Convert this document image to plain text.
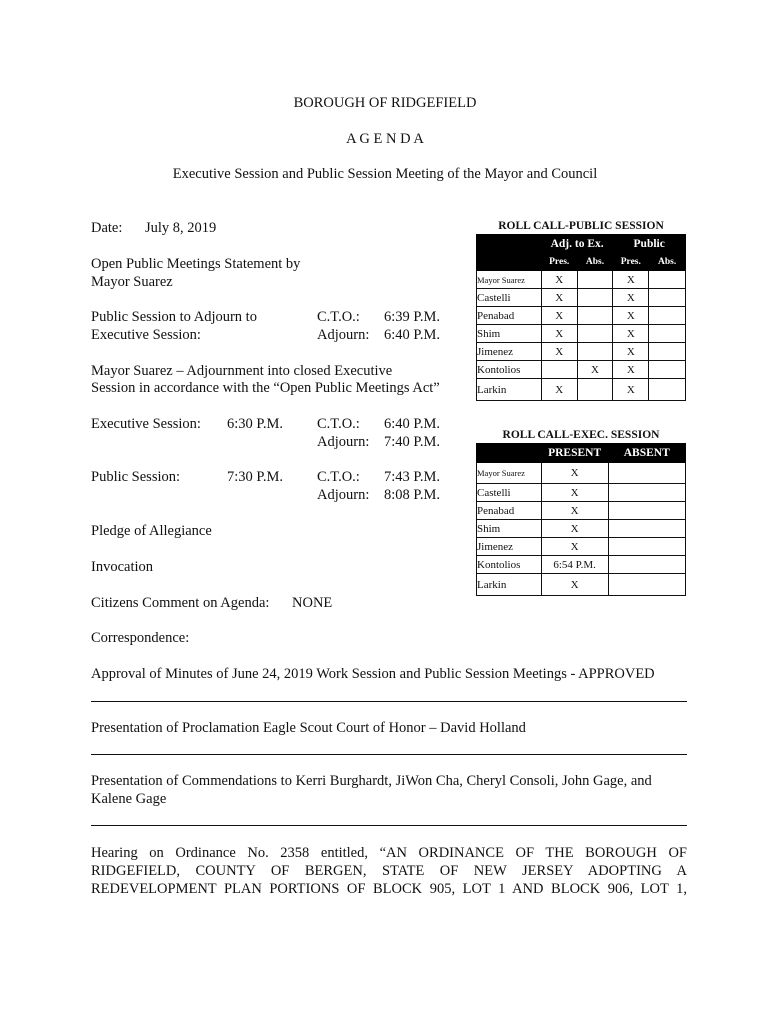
BOROUGH OF RIDGEFIELD
A G E N D A
Executive Session and Public Session Meeting of the Mayor and Council
Date: July 8, 2019
Open Public Meetings Statement by
Mayor Suarez
Public Session to Adjourn to
Executive Session:
C.T.O.: 6:39 P.M.
Adjourn: 6:40 P.M.
Mayor Suarez – Adjournment into closed Executive
Session in accordance with the “Open Public Meetings Act”
Executive Session: 6:30 P.M. C.T.O.: 6:40 P.M.
Adjourn: 7:40 P.M.
Public Session:	7:30 P.M. C.T.O.: 7:43 P.M.
Adjourn: 8:08 P.M.
Pledge of Allegiance
Invocation
Citizens Comment on Agenda: NONE
Correspondence:
ROLL CALL-PUBLIC SESSION
	Adj. to Ex.		Public	
	Pres.	Abs.	Pres.	Abs.
Mayor Suarez	X		X	
Castelli	X		X	
Penabad	X		X	
Shim	X		X	
Jimenez	X		X	
Kontolios		X	X	
Larkin	X		X	
ROLL CALL-EXEC. SESSION
	PRESENT	ABSENT
Mayor Suarez	X	
Castelli	X	
Penabad	X	
Shim	X	
Jimenez	X	
Kontolios	6:54 P.M.	
Larkin	X	
Approval of Minutes of June 24, 2019 Work Session and Public Session Meetings - APPROVED
Presentation of Proclamation Eagle Scout Court of Honor – David Holland
Presentation of Commendations to Kerri Burghardt, JiWon Cha, Cheryl Consoli, John Gage, and
Kalene Gage
Hearing on Ordinance No. 2358 entitled, “AN ORDINANCE OF THE BOROUGH OF
RIDGEFIELD, COUNTY OF BERGEN, STATE OF NEW JERSEY ADOPTING A
REDEVELOPMENT PLAN PORTIONS OF BLOCK 905, LOT 1 AND BLOCK 906, LOT 1,
